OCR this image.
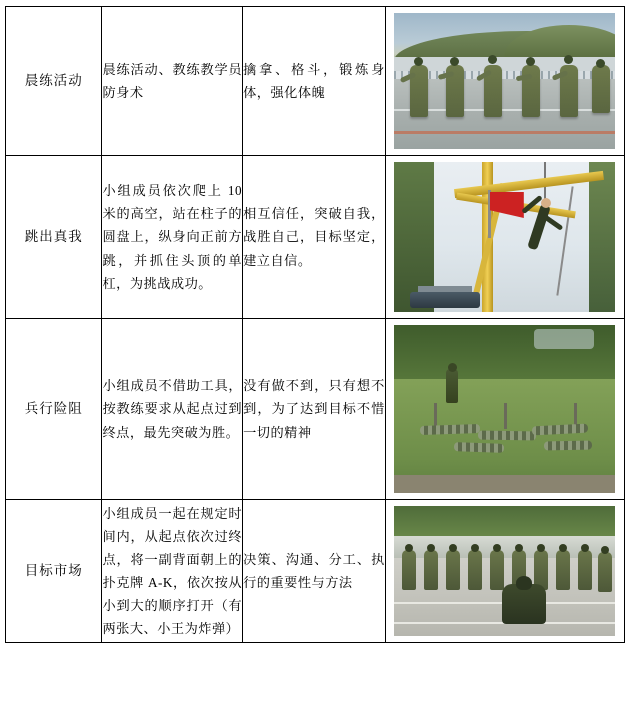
晨练活动	晨练活动、教练教学员防身术	擒拿、格斗，锻炼身体，强化体魄	

跳出真我	小组成员依次爬上 10 米的高空，站在柱子的圆盘上，纵身向正前方跳，并抓住头顶的单杠，为挑战成功。	相互信任，突破自我，战胜自己，目标坚定，建立自信。	

兵行险阻	小组成员不借助工具，按教练要求从起点过到终点，最先突破为胜。	没有做不到，只有想不到，为了达到目标不惜一切的精神	

目标市场	小组成员一起在规定时间内，从起点依次过终点，将一副背面朝上的扑克牌 A-K，依次按从小到大的顺序打开（有两张大、小王为炸弹）	决策、沟通、分工、执行的重要性与方法	
